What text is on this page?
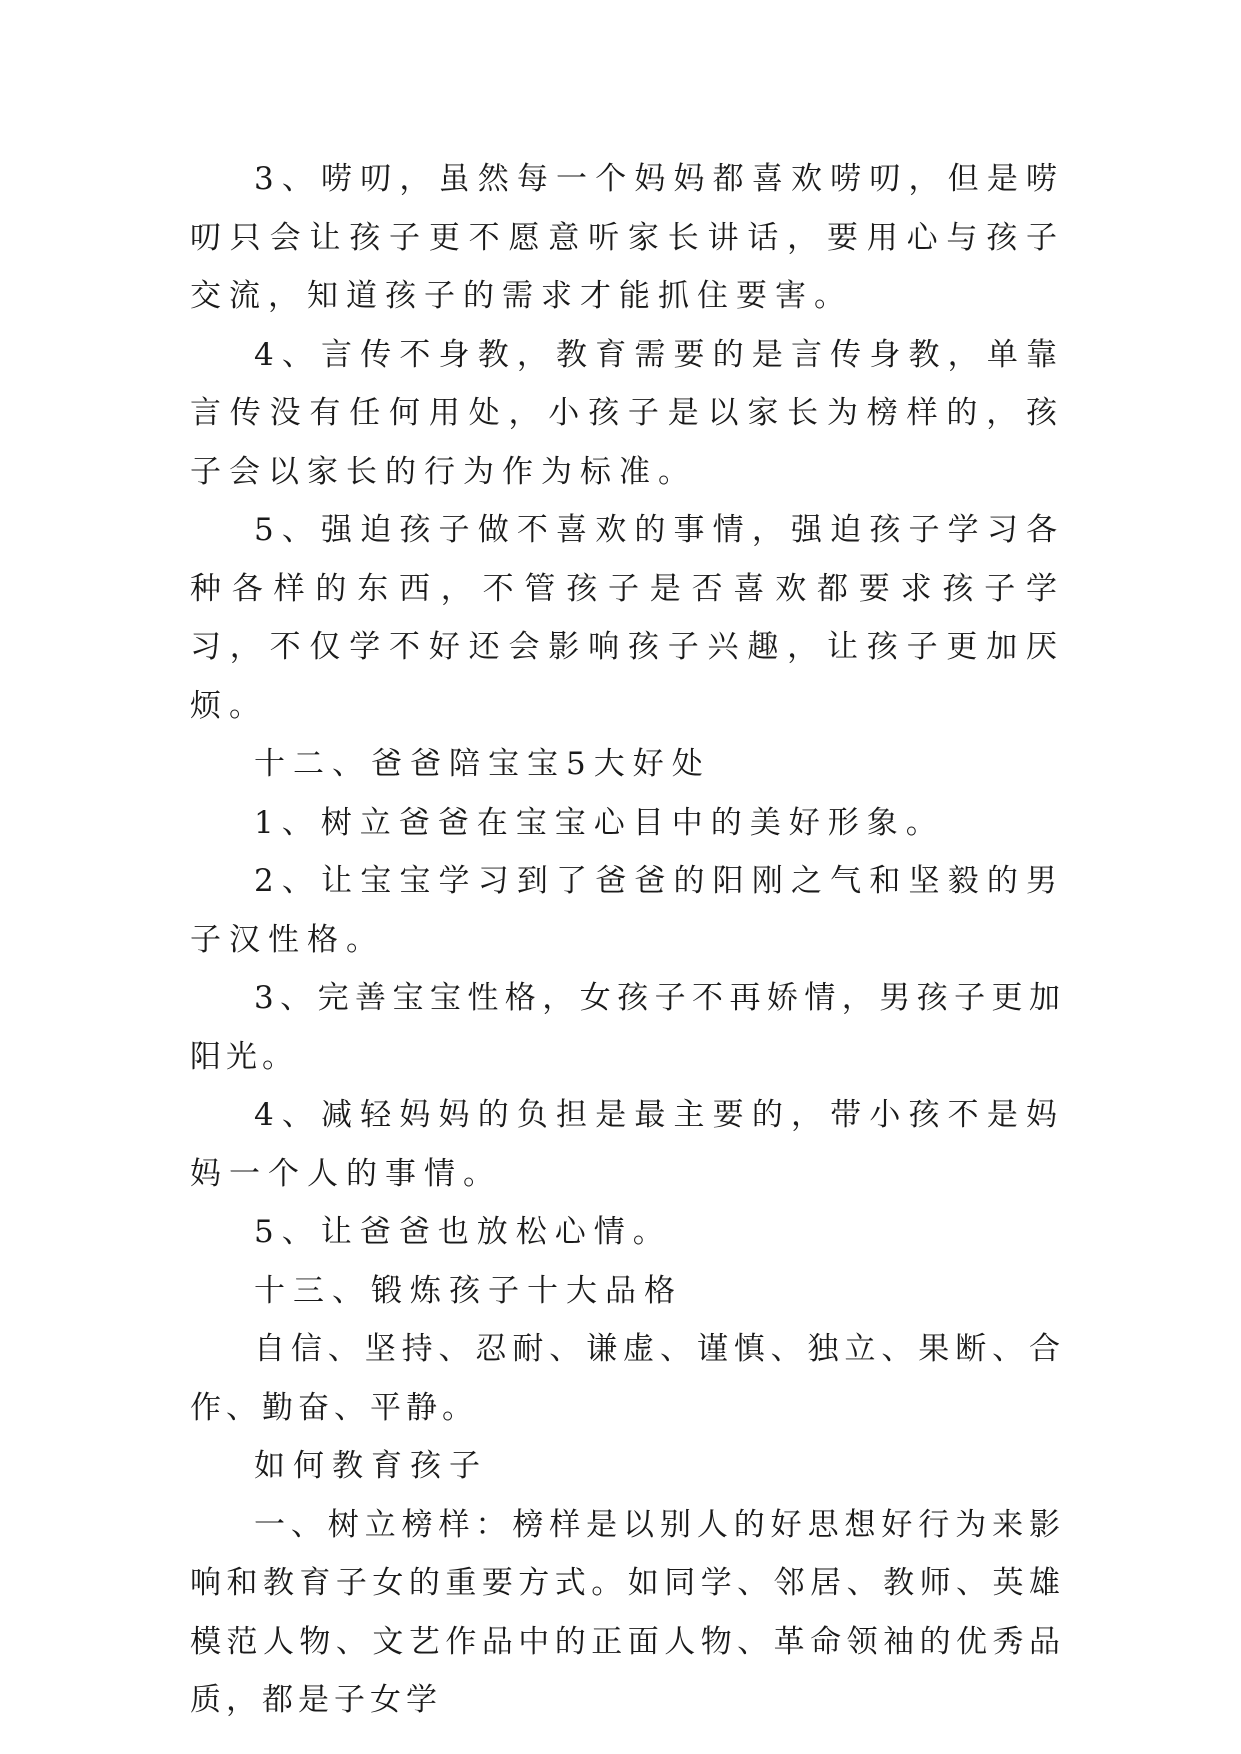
3、唠叨，虽然每一个妈妈都喜欢唠叨，但是唠叨只会让孩子更不愿意听家长讲话，要用心与孩子交流，知道孩子的需求才能抓住要害。

4、言传不身教，教育需要的是言传身教，单靠言传没有任何用处，小孩子是以家长为榜样的，孩子会以家长的行为作为标准。

5、强迫孩子做不喜欢的事情，强迫孩子学习各种各样的东西，不管孩子是否喜欢都要求孩子学习，不仅学不好还会影响孩子兴趣，让孩子更加厌烦。

十二、爸爸陪宝宝5大好处

1、树立爸爸在宝宝心目中的美好形象。

2、让宝宝学习到了爸爸的阳刚之气和坚毅的男子汉性格。

3、完善宝宝性格，女孩子不再娇情，男孩子更加阳光。

4、减轻妈妈的负担是最主要的，带小孩不是妈妈一个人的事情。

5、让爸爸也放松心情。

十三、锻炼孩子十大品格

自信、坚持、忍耐、谦虚、谨慎、独立、果断、合作、勤奋、平静。

如何教育孩子

一、树立榜样：榜样是以别人的好思想好行为来影响和教育子女的重要方式。如同学、邻居、教师、英雄模范人物、文艺作品中的正面人物、革命领袖的优秀品质，都是子女学
